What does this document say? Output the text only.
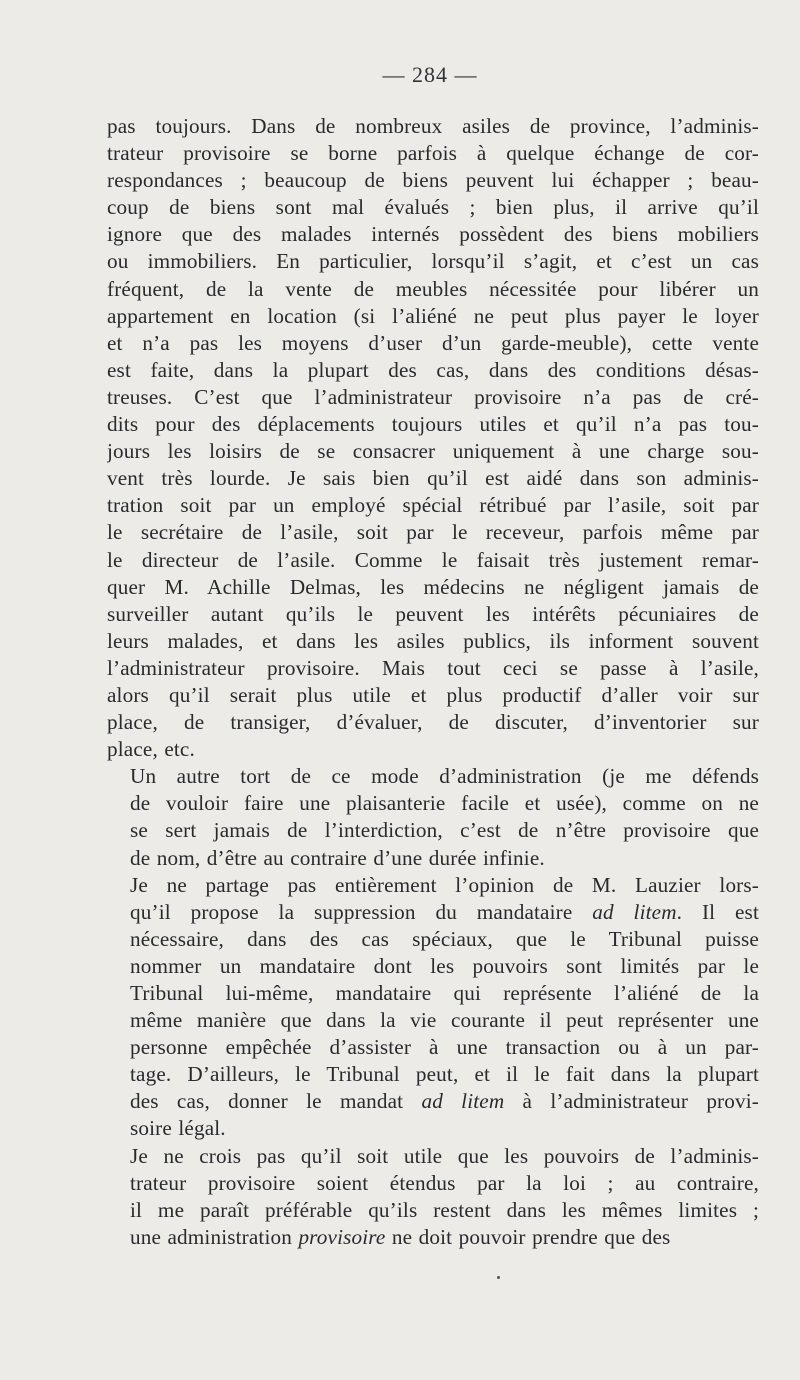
— 284 —

pas toujours. Dans de nombreux asiles de province, l’adminis-
trateur provisoire se borne parfois à quelque échange de cor-
respondances ; beaucoup de biens peuvent lui échapper ; beau-
coup de biens sont mal évalués ; bien plus, il arrive qu’il
ignore que des malades internés possèdent des biens mobiliers
ou immobiliers. En particulier, lorsqu’il s’agit, et c’est un cas
fréquent, de la vente de meubles nécessitée pour libérer un
appartement en location (si l’aliéné ne peut plus payer le loyer
et n’a pas les moyens d’user d’un garde-meuble), cette vente
est faite, dans la plupart des cas, dans des conditions désas-
treuses. C’est que l’administrateur provisoire n’a pas de cré-
dits pour des déplacements toujours utiles et qu’il n’a pas tou-
jours les loisirs de se consacrer uniquement à une charge sou-
vent très lourde. Je sais bien qu’il est aidé dans son adminis-
tration soit par un employé spécial rétribué par l’asile, soit par
le secrétaire de l’asile, soit par le receveur, parfois même par
le directeur de l’asile. Comme le faisait très justement remar-
quer M. Achille Delmas, les médecins ne négligent jamais de
surveiller autant qu’ils le peuvent les intérêts pécuniaires de
leurs malades, et dans les asiles publics, ils informent souvent
l’administrateur provisoire. Mais tout ceci se passe à l’asile,
alors qu’il serait plus utile et plus productif d’aller voir sur
place, de transiger, d’évaluer, de discuter, d’inventorier sur
place, etc.

Un autre tort de ce mode d’administration (je me défends
de vouloir faire une plaisanterie facile et usée), comme on ne
se sert jamais de l’interdiction, c’est de n’être provisoire que
de nom, d’être au contraire d’une durée infinie.

Je ne partage pas entièrement l’opinion de M. Lauzier lors-
qu’il propose la suppression du mandataire ad litem. Il est
nécessaire, dans des cas spéciaux, que le Tribunal puisse
nommer un mandataire dont les pouvoirs sont limités par le
Tribunal lui-même, mandataire qui représente l’aliéné de la
même manière que dans la vie courante il peut représenter une
personne empêchée d’assister à une transaction ou à un par-
tage. D’ailleurs, le Tribunal peut, et il le fait dans la plupart
des cas, donner le mandat ad litem à l’administrateur provi-
soire légal.

Je ne crois pas qu’il soit utile que les pouvoirs de l’adminis-
trateur provisoire soient étendus par la loi ; au contraire,
il me paraît préférable qu’ils restent dans les mêmes limites ;
une administration provisoire ne doit pouvoir prendre que des
